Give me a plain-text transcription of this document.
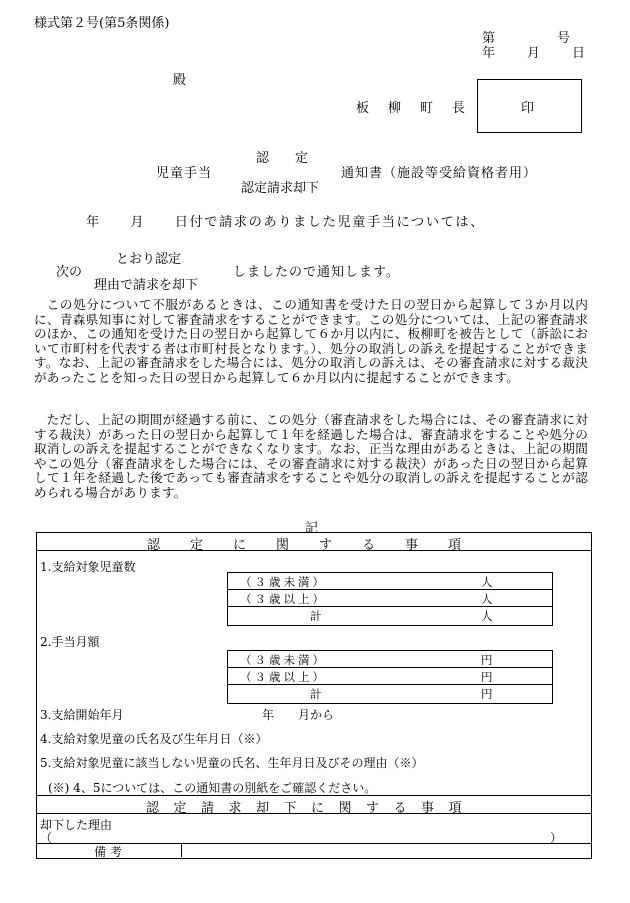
様式第２号(第5条関係)
第　　　　号
年　　月　　日
殿
板　柳　町　長	印
認　　定
児童手当
認定請求却下
通知書（施設等受給資格者用）
年　　月　　日付で請求のありました児童手当については、
とおり認定
次の
理由で請求を却下
しましたので通知します。
この処分について不服があるときは、この通知書を受けた日の翌日から起算して３か月以内に、青森県知事に対して審査請求をすることができます。この処分については、上記の審査請求のほか、この通知を受けた日の翌日から起算して６か月以内に、板柳町を被告として（訴訟において市町村を代表する者は市町村長となります。）、処分の取消しの訴えを提起することができます。なお、上記の審査請求をした場合には、処分の取消しの訴えは、その審査請求に対する裁決があったことを知った日の翌日から起算して６か月以内に提起することができます。
ただし、上記の期間が経過する前に、この処分（審査請求をした場合には、その審査請求に対する裁決）があった日の翌日から起算して１年を経過した場合は、審査請求をすることや処分の取消しの訴えを提起することができなくなります。なお、正当な理由があるときは、上記の期間やこの処分（審査請求をした場合には、その審査請求に対する裁決）があった日の翌日から起算して１年を経過した後であっても審査請求をすることや処分の取消しの訴えを提起することが認められる場合があります。
記
認定に関する事項
1.支給対象児童数
（３歳未満）	人
（３歳以上）	人
計	人
2.手当月額
（３歳未満）	円
（３歳以上）	円
計	円
3.支給開始年月	年　　月から
4.支給対象児童の氏名及び生年月日（※）
5.支給対象児童に該当しない児童の氏名、生年月日及びその理由（※）
(※) 4、5については、この通知書の別紙をご確認ください。
認定請求却下に関する事項
却下した理由
（	）
備考
